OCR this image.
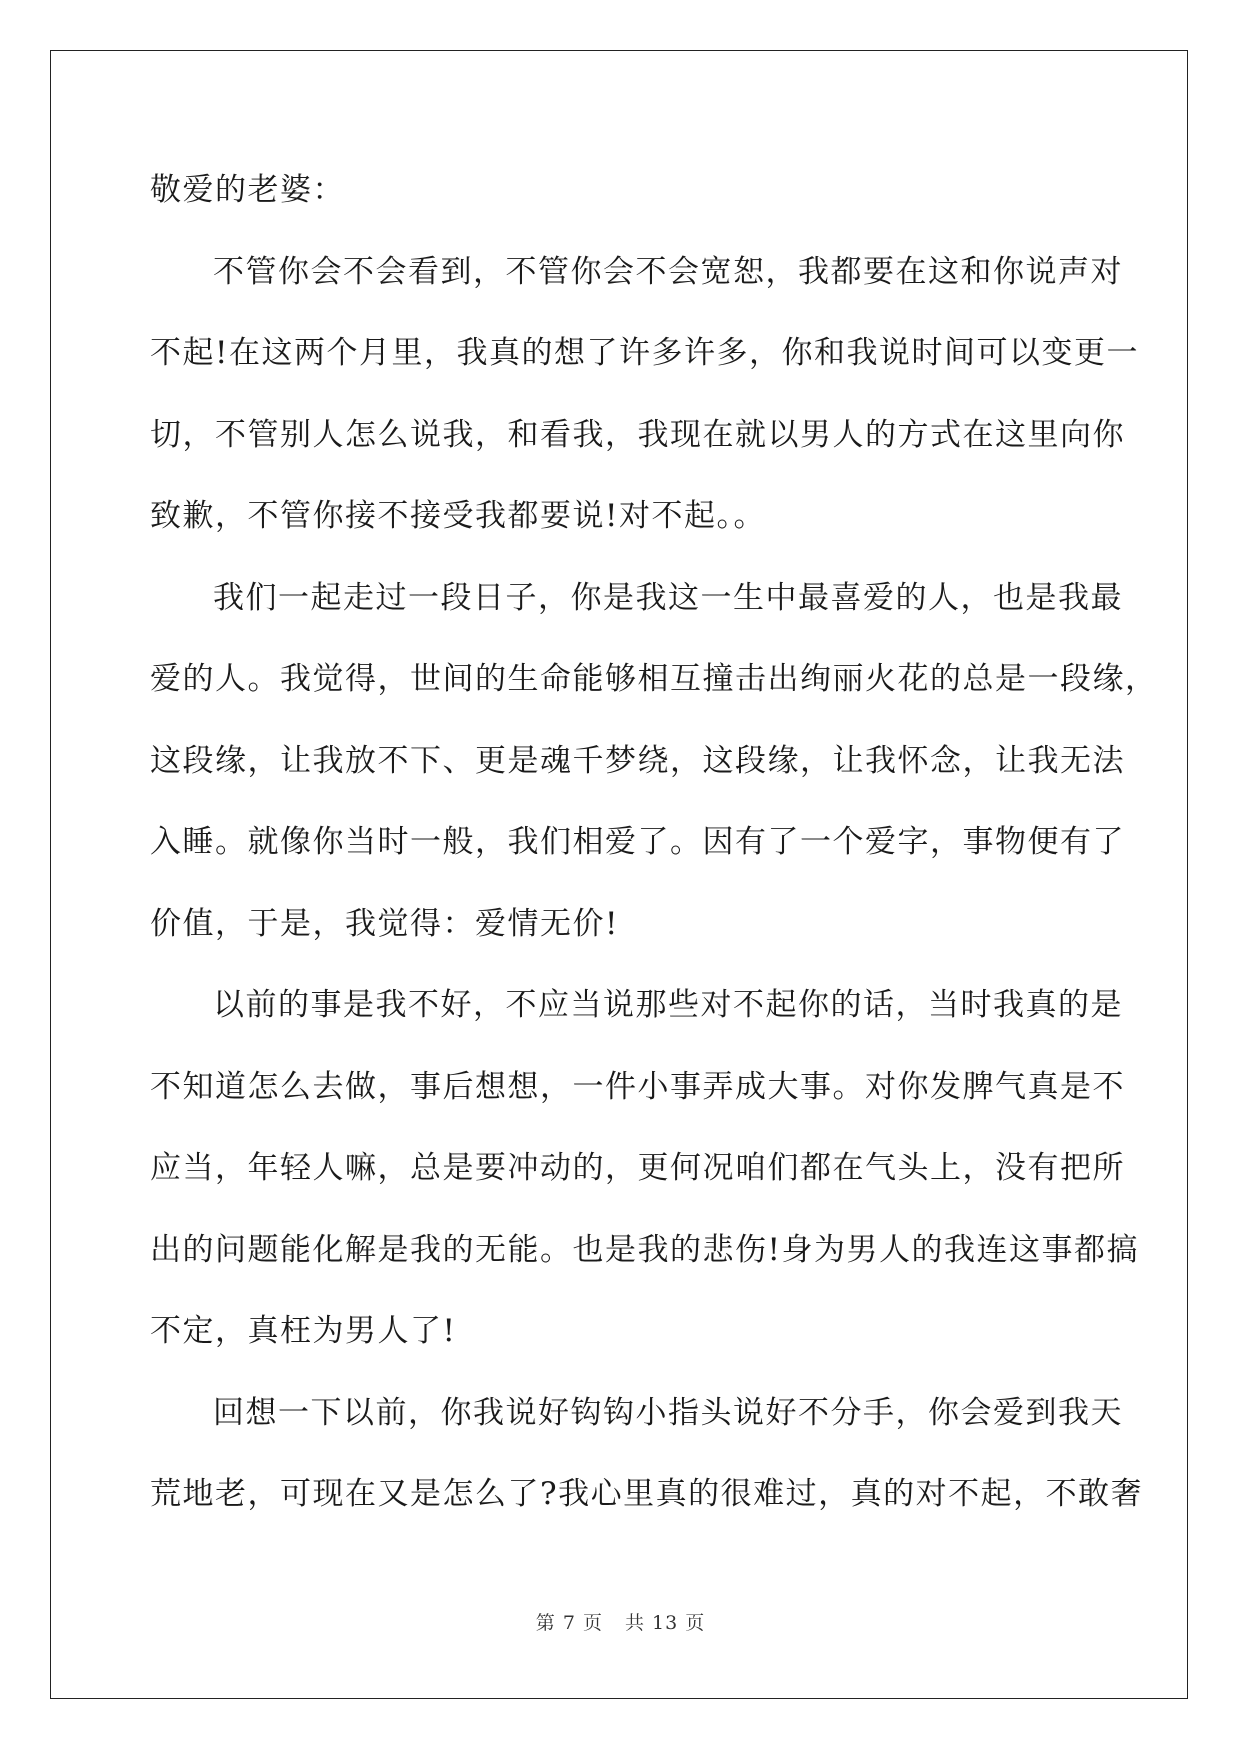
敬爱的老婆：
不管你会不会看到，不管你会不会宽恕，我都要在这和你说声对
不起!在这两个月里，我真的想了许多许多，你和我说时间可以变更一
切，不管别人怎么说我，和看我，我现在就以男人的方式在这里向你
致歉，不管你接不接受我都要说!对不起。。
我们一起走过一段日子，你是我这一生中最喜爱的人，也是我最
爱的人。我觉得，世间的生命能够相互撞击出绚丽火花的总是一段缘，
这段缘，让我放不下、更是魂千梦绕，这段缘，让我怀念，让我无法
入睡。就像你当时一般，我们相爱了。因有了一个爱字，事物便有了
价值，于是，我觉得：爱情无价!
以前的事是我不好，不应当说那些对不起你的话，当时我真的是
不知道怎么去做，事后想想，一件小事弄成大事。对你发脾气真是不
应当，年轻人嘛，总是要冲动的，更何况咱们都在气头上，没有把所
出的问题能化解是我的无能。也是我的悲伤!身为男人的我连这事都搞
不定，真枉为男人了!
回想一下以前，你我说好钩钩小指头说好不分手，你会爱到我天
荒地老，可现在又是怎么了?我心里真的很难过，真的对不起，不敢奢
第 7 页 共 13 页
